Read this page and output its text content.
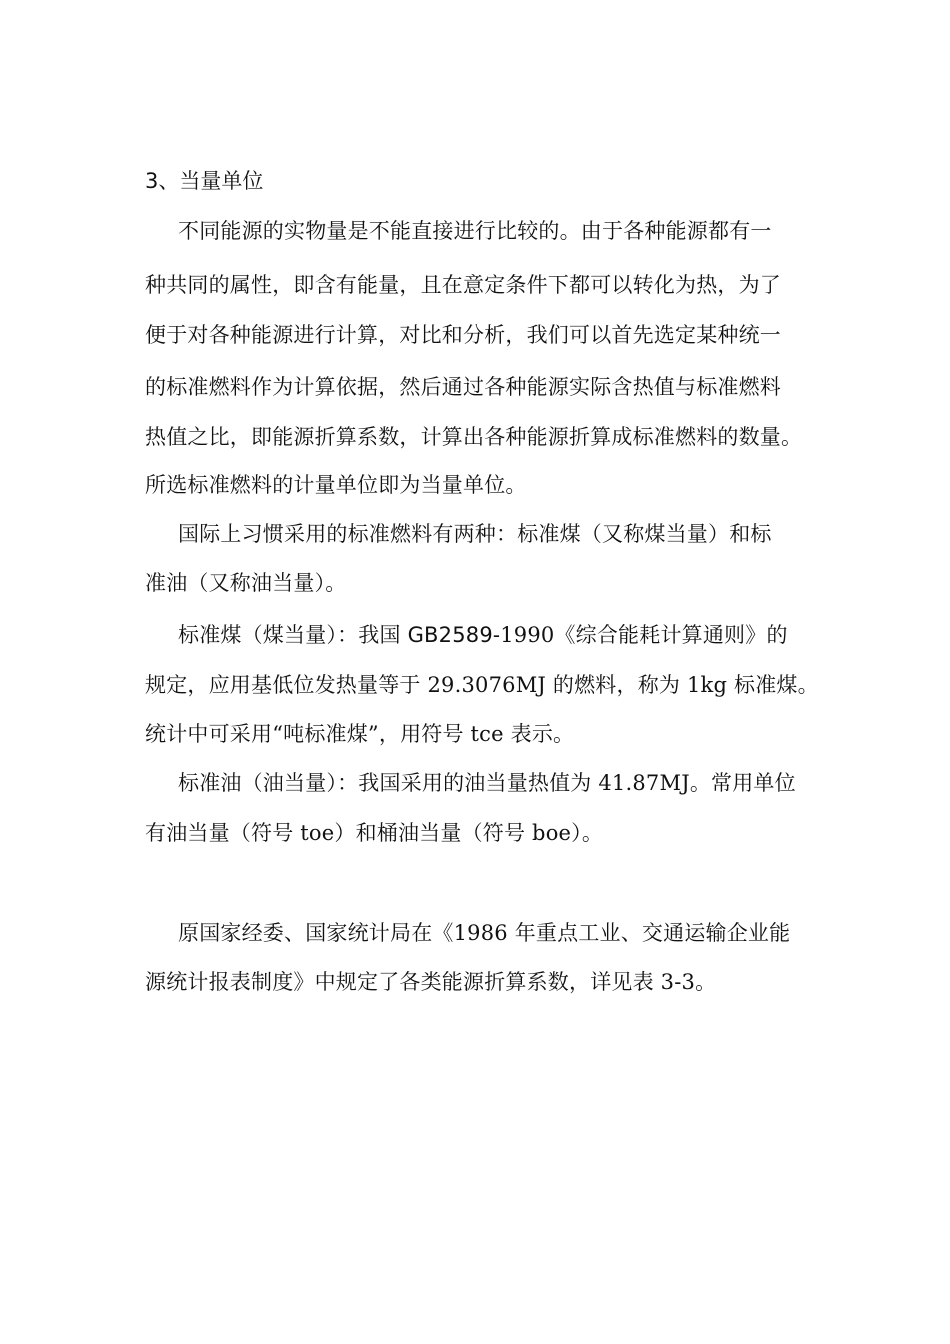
3、当量单位
不同能源的实物量是不能直接进行比较的。由于各种能源都有一
种共同的属性，即含有能量，且在意定条件下都可以转化为热，为了
便于对各种能源进行计算，对比和分析，我们可以首先选定某种统一
的标准燃料作为计算依据，然后通过各种能源实际含热值与标准燃料
热值之比，即能源折算系数，计算出各种能源折算成标准燃料的数量。
所选标准燃料的计量单位即为当量单位。
国际上习惯采用的标准燃料有两种：标准煤（又称煤当量）和标
准油（又称油当量）。
标准煤（煤当量）：我国 GB2589-1990《综合能耗计算通则》的
规定，应用基低位发热量等于 29.3076MJ 的燃料，称为 1kg 标准煤。
统计中可采用“吨标准煤”，用符号 tce 表示。
标准油（油当量）：我国采用的油当量热值为 41.87MJ。常用单位
有油当量（符号 toe）和桶油当量（符号 boe）。
原国家经委、国家统计局在《1986 年重点工业、交通运输企业能
源统计报表制度》中规定了各类能源折算系数，详见表 3-3。
